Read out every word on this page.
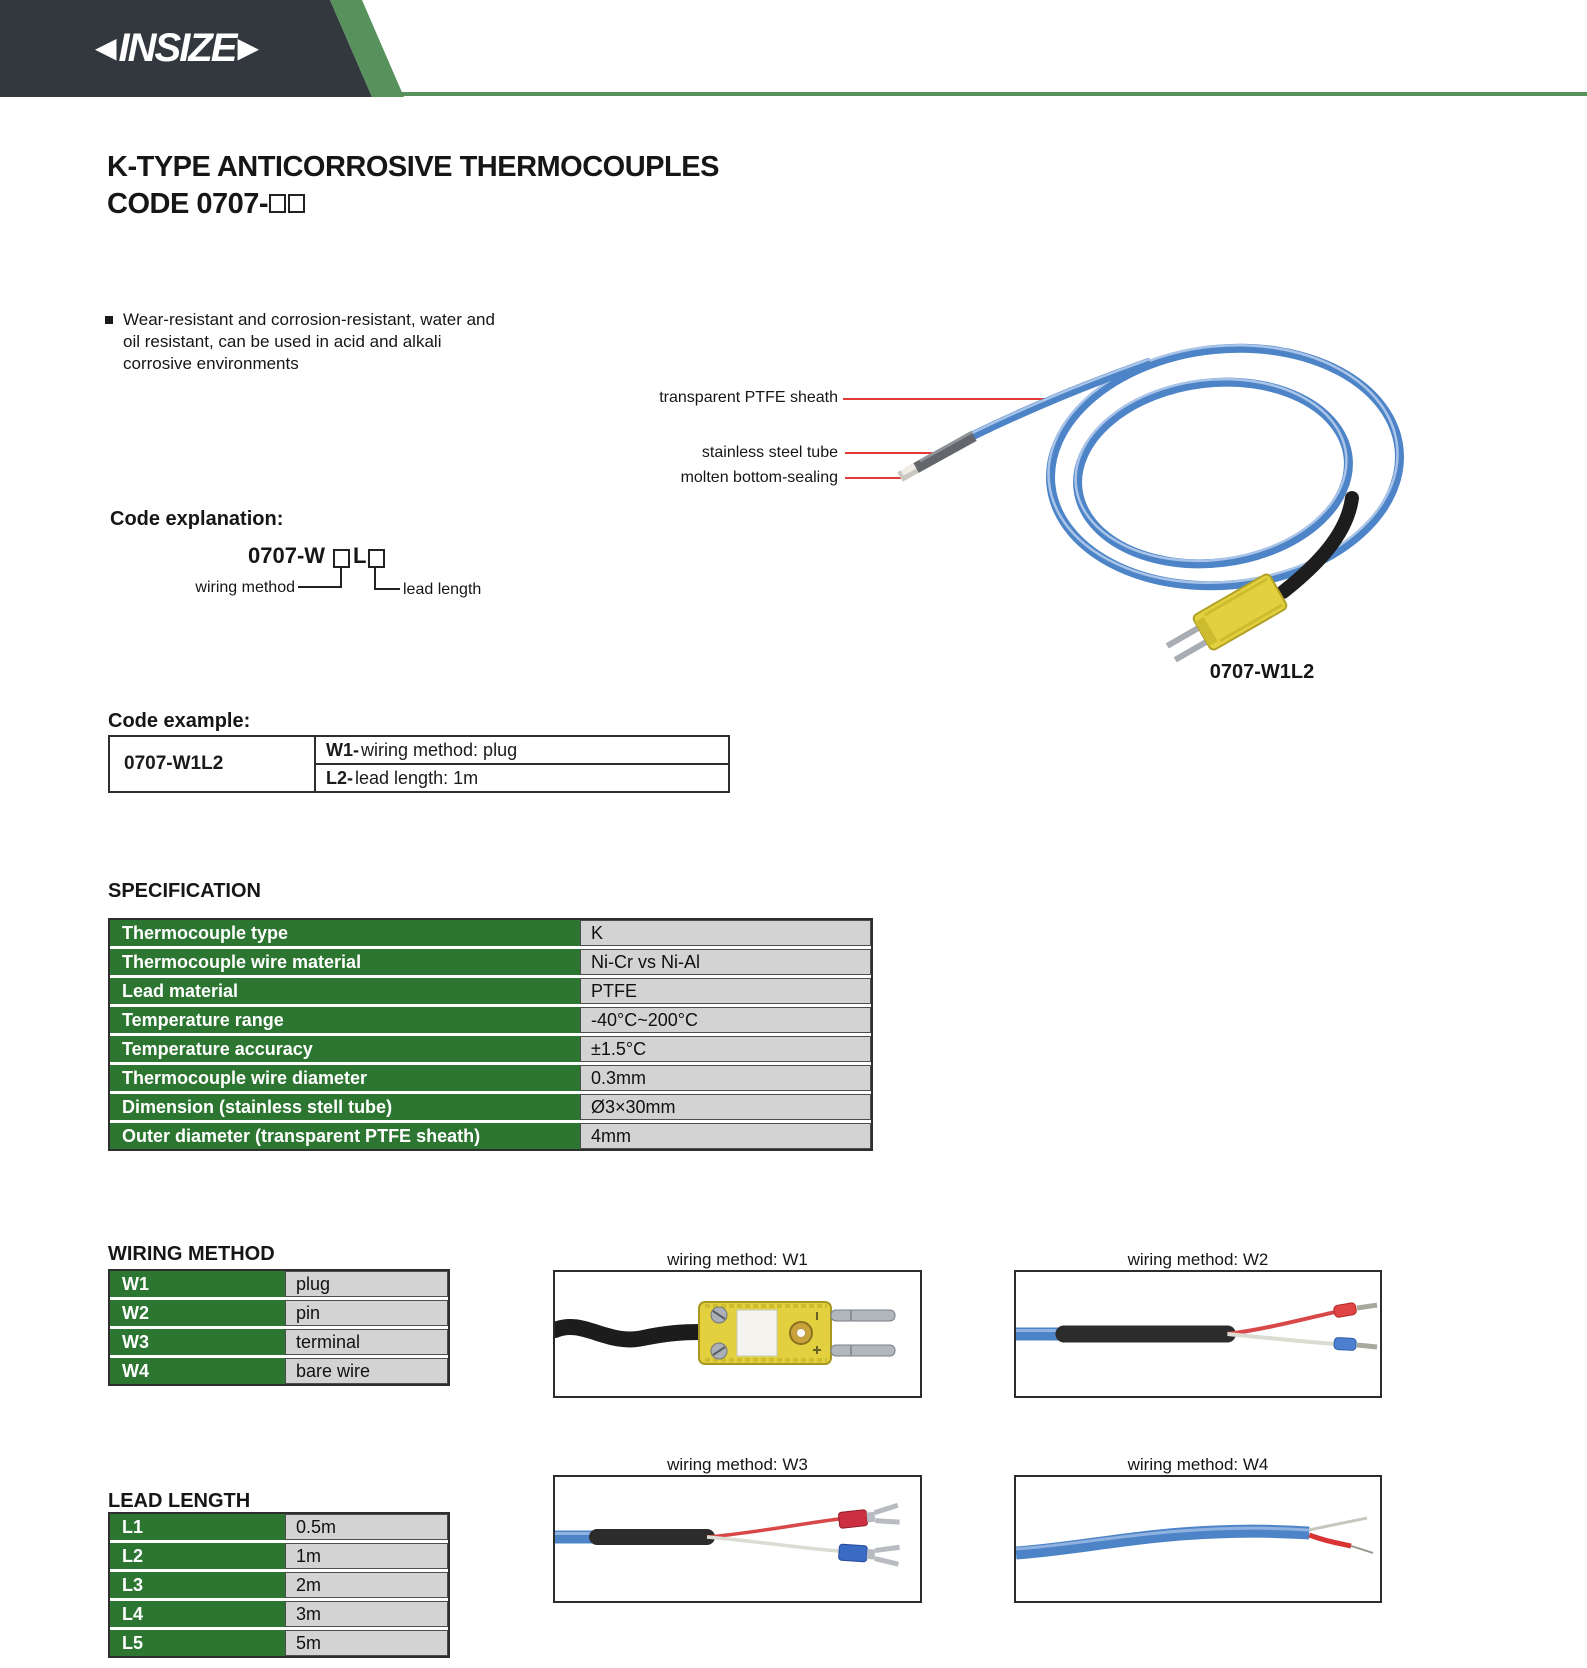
◀ INSIZE ▶
K-TYPE ANTICORROSIVE THERMOCOUPLES
CODE 0707-
Wear-resistant and corrosion-resistant, water and oil resistant, can be used in acid and alkali corrosive environments
Code explanation:
0707-W L
wiring method	lead length
transparent PTFE sheath
stainless steel tube
molten bottom-sealing
0707-W1L2
Code example:
0707-W1L2
W1- wiring method: plug
L2- lead length: 1m
SPECIFICATION
Thermocouple type	K
Thermocouple wire material	Ni-Cr vs Ni-Al
Lead material	PTFE
Temperature range	-40°C~200°C
Temperature accuracy	±1.5°C
Thermocouple wire diameter	0.3mm
Dimension (stainless stell tube)	Ø3×30mm
Outer diameter (transparent PTFE sheath)	4mm
WIRING METHOD
W1	plug
W2	pin
W3	terminal
W4	bare wire
LEAD LENGTH
L1	0.5m
L2	1m
L3	2m
L4	3m
L5	5m
wiring method: W1	wiring method: W2
wiring method: W3	wiring method: W4
